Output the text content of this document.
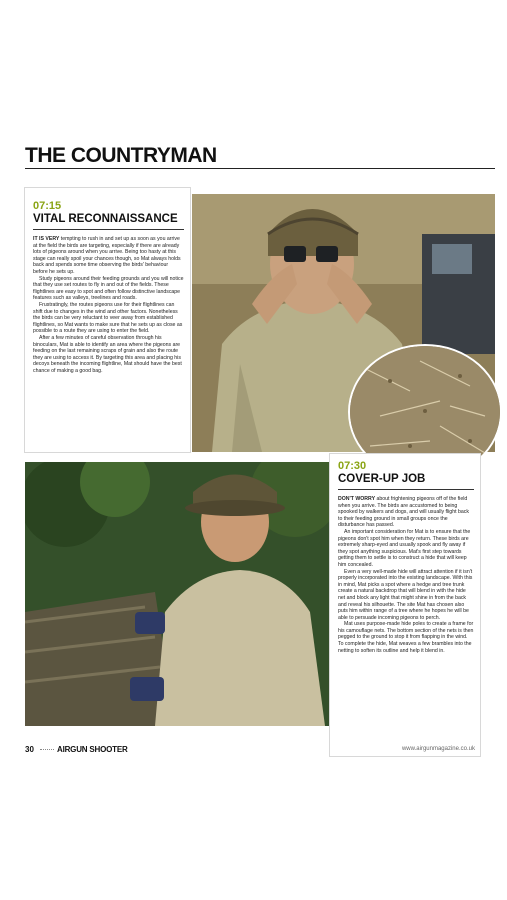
THE COUNTRYMAN
07:15
VITAL RECONNAISSANCE

IT IS VERY tempting to rush in and set up as soon as you arrive at the field the birds are targeting, especially if there are already lots of pigeons around when you arrive. Being too hasty at this stage can really spoil your chances though, so Mat always holds back and spends some time observing the birds' behaviour before he sets up.

Study pigeons around their feeding grounds and you will notice that they use set routes to fly in and out of the fields. These flightlines are easy to spot and often follow distinctive landscape features such as valleys, treelines and roads.

Frustratingly, the routes pigeons use for their flightlines can shift due to changes in the wind and other factors. Nonetheless the birds can be very reluctant to veer away from established flightlines, so Mat wants to make sure that he sets up as close as possible to a route they are using to enter the field.

After a few minutes of careful observation through his binoculars, Mat is able to identify an area where the pigeons are feeding on the last remaining scraps of grain and also the route they are using to access it. By targeting this area and placing his decoys beneath the incoming flightline, Mat should have the best chance of making a good bag.

07:30
COVER-UP JOB

DON'T WORRY about frightening pigeons off of the field when you arrive. The birds are accustomed to being spooked by walkers and dogs, and will usually flight back to their feeding ground in small groups once the disturbance has passed.

An important consideration for Mat is to ensure that the pigeons don't spot him when they return. These birds are extremely sharp-eyed and usually spook and fly away if they spot anything suspicious. Mat's first step towards getting them to settle is to construct a hide that will keep him concealed.

Even a very well-made hide will attract attention if it isn't properly incorporated into the existing landscape. With this in mind, Mat picks a spot where a hedge and tree trunk create a natural backdrop that will blend in with the hide net and block any light that might shine in from the back and reveal his silhouette. The site Mat has chosen also puts him within range of a tree where he hopes he will be able to persuade incoming pigeons to perch.

Mat uses purpose-made hide poles to create a frame for his camouflage nets. The bottom section of the nets is then pegged to the ground to stop it from flapping in the wind. To complete the hide, Mat weaves a few brambles into the netting to soften its outline and help it blend in.

30	AIRGUN SHOOTER	www.airgunmagazine.co.uk
